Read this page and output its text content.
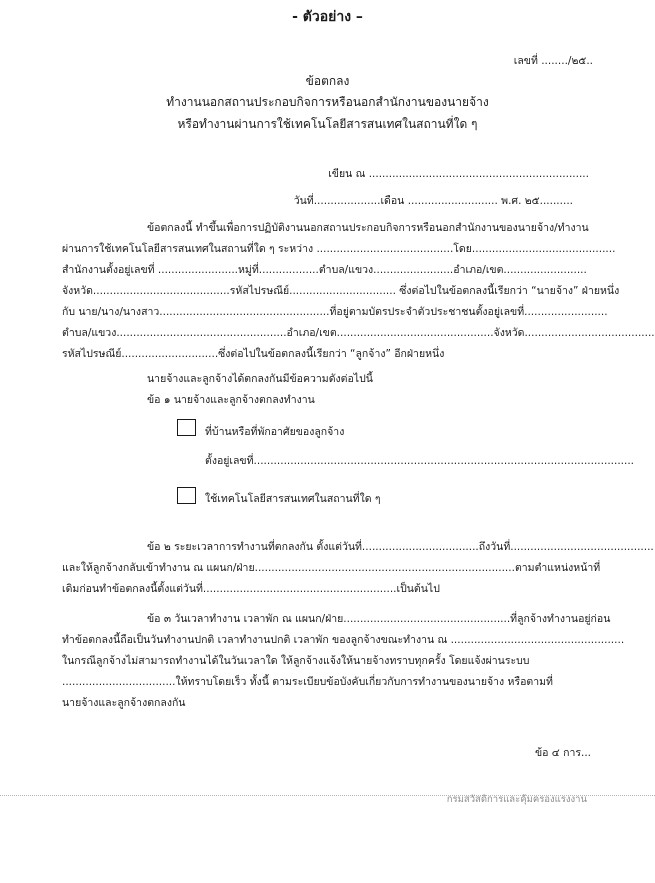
- ตัวอย่าง –
เลขที่ ......../๒๕..
ข้อตกลง
ทำงานนอกสถานประกอบกิจการหรือนอกสำนักงานของนายจ้าง
หรือทำงานผ่านการใช้เทคโนโลยีสารสนเทศในสถานที่ใด ๆ
เขียน ณ ..................................................................
วันที่....................เดือน ........................... พ.ศ. ๒๕..........
ข้อตกลงนี้ ทำขึ้นเพื่อการปฏิบัติงานนอกสถานประกอบกิจการหรือนอกสำนักงานของนายจ้าง/ทำงาน
ผ่านการใช้เทคโนโลยีสารสนเทศในสถานที่ใด ๆ ระหว่าง .........................................โดย...........................................
สำนักงานตั้งอยู่เลขที่ ........................หมู่ที่..................ตำบล/แขวง........................อำเภอ/เขต.........................
จังหวัด.........................................รหัสไปรษณีย์................................ ซึ่งต่อไปในข้อตกลงนี้เรียกว่า “นายจ้าง” ฝ่ายหนึ่ง
กับ นาย/นาง/นางสาว...................................................ที่อยู่ตามบัตรประจำตัวประชาชนตั้งอยู่เลขที่.........................
ตำบล/แขวง...................................................อำเภอ/เขต...............................................จังหวัด.......................................
รหัสไปรษณีย์.............................ซึ่งต่อไปในข้อตกลงนี้เรียกว่า “ลูกจ้าง” อีกฝ่ายหนึ่ง
นายจ้างและลูกจ้างได้ตกลงกันมีข้อความดังต่อไปนี้
ข้อ ๑ นายจ้างและลูกจ้างตกลงทำงาน
ที่บ้านหรือที่พักอาศัยของลูกจ้าง
ตั้งอยู่เลขที่..................................................................................................................
ใช้เทคโนโลยีสารสนเทศในสถานที่ใด ๆ
ข้อ ๒ ระยะเวลาการทำงานที่ตกลงกัน ตั้งแต่วันที่...................................ถึงวันที่...........................................
และให้ลูกจ้างกลับเข้าทำงาน ณ แผนก/ฝ่าย..............................................................................ตามตำแหน่งหน้าที่
เดิมก่อนทำข้อตกลงนี้ตั้งแต่วันที่..........................................................เป็นต้นไป
ข้อ ๓ วันเวลาทำงาน เวลาพัก ณ แผนก/ฝ่าย..................................................ที่ลูกจ้างทำงานอยู่ก่อน
ทำข้อตกลงนี้ถือเป็นวันทำงานปกติ เวลาทำงานปกติ เวลาพัก ของลูกจ้างขณะทำงาน ณ ....................................................
ในกรณีลูกจ้างไม่สามารถทำงานได้ในวันเวลาใด ให้ลูกจ้างแจ้งให้นายจ้างทราบทุกครั้ง โดยแจ้งผ่านระบบ
..................................ให้ทราบโดยเร็ว ทั้งนี้ ตามระเบียบข้อบังคับเกี่ยวกับการทำงานของนายจ้าง หรือตามที่
นายจ้างและลูกจ้างตกลงกัน
ข้อ ๔ การ...
กรมสวัสดิการและคุ้มครองแรงงาน
